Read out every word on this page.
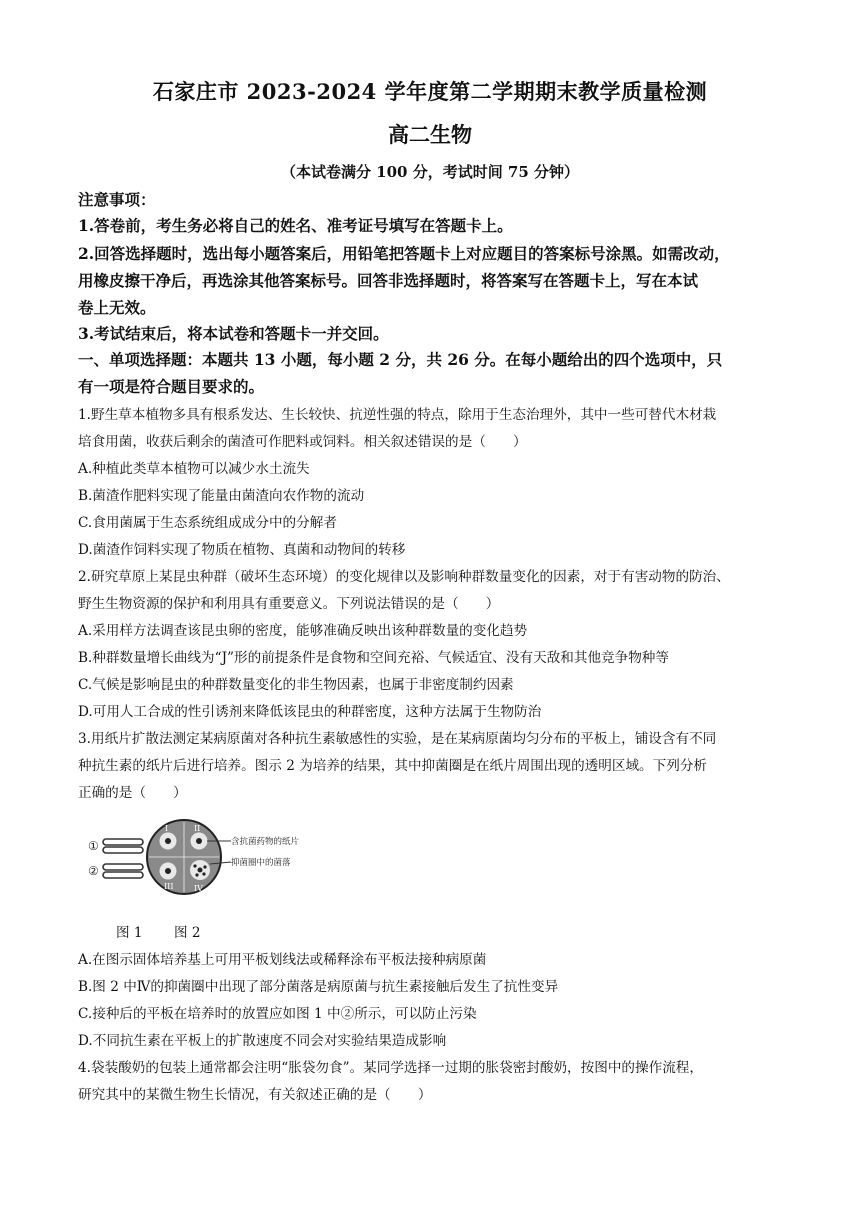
石家庄市 2023-2024 学年度第二学期期末教学质量检测
高二生物
（本试卷满分 100 分，考试时间 75 分钟）
注意事项：
1.答卷前，考生务必将自己的姓名、准考证号填写在答题卡上。
2.回答选择题时，选出每小题答案后，用铅笔把答题卡上对应题目的答案标号涂黑。如需改动，
用橡皮擦干净后，再选涂其他答案标号。回答非选择题时，将答案写在答题卡上，写在本试
卷上无效。
3.考试结束后，将本试卷和答题卡一并交回。
一、单项选择题：本题共 13 小题，每小题 2 分，共 26 分。在每小题给出的四个选项中，只
有一项是符合题目要求的。
1.野生草本植物多具有根系发达、生长较快、抗逆性强的特点，除用于生态治理外，其中一些可替代木材栽
培食用菌，收获后剩余的菌渣可作肥料或饲料。相关叙述错误的是（　　）
A.种植此类草本植物可以减少水土流失
B.菌渣作肥料实现了能量由菌渣向农作物的流动
C.食用菌属于生态系统组成成分中的分解者
D.菌渣作饲料实现了物质在植物、真菌和动物间的转移
2.研究草原上某昆虫种群（破坏生态环境）的变化规律以及影响种群数量变化的因素，对于有害动物的防治、
野生生物资源的保护和利用具有重要意义。下列说法错误的是（　　）
A.采用样方法调查该昆虫卵的密度，能够准确反映出该种群数量的变化趋势
B.种群数量增长曲线为“J”形的前提条件是食物和空间充裕、气候适宜、没有天敌和其他竞争物种等
C.气候是影响昆虫的种群数量变化的非生物因素，也属于非密度制约因素
D.可用人工合成的性引诱剂来降低该昆虫的种群密度，这种方法属于生物防治
3.用纸片扩散法测定某病原菌对各种抗生素敏感性的实验，是在某病原菌均匀分布的平板上，铺设含有不同
种抗生素的纸片后进行培养。图示 2 为培养的结果，其中抑菌圈是在纸片周围出现的透明区域。下列分析
正确的是（　　）
①
②
I	II
III	IV
含抗菌药物的纸片
抑菌圈中的菌落
图 1 图 2
A.在图示固体培养基上可用平板划线法或稀释涂布平板法接种病原菌
B.图 2 中Ⅳ的抑菌圈中出现了部分菌落是病原菌与抗生素接触后发生了抗性变异
C.接种后的平板在培养时的放置应如图 1 中②所示，可以防止污染
D.不同抗生素在平板上的扩散速度不同会对实验结果造成影响
4.袋装酸奶的包装上通常都会注明“胀袋勿食”。某同学选择一过期的胀袋密封酸奶，按图中的操作流程，
研究其中的某微生物生长情况，有关叙述正确的是（　　）
